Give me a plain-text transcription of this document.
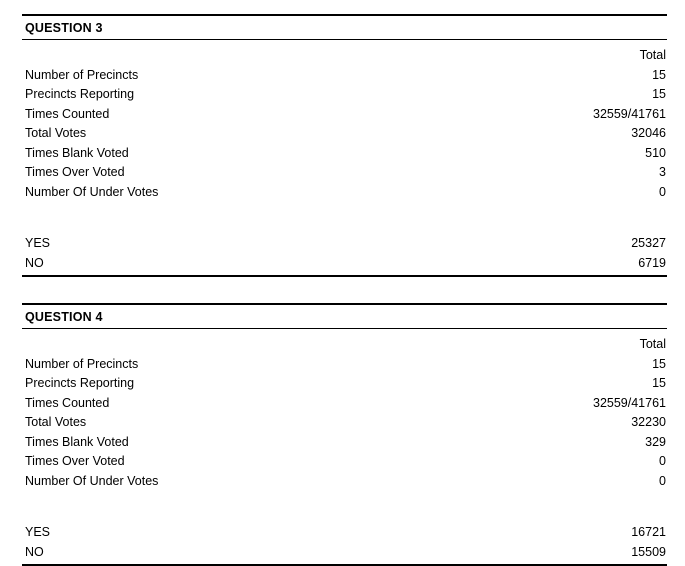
QUESTION 3
Total
Number of Precincts	15
Precincts Reporting	15
Times Counted	32559/41761
Total Votes	32046
Times Blank Voted	510
Times Over Voted	3
Number Of Under Votes	0
YES	25327
NO	6719
QUESTION 4
Total
Number of Precincts	15
Precincts Reporting	15
Times Counted	32559/41761
Total Votes	32230
Times Blank Voted	329
Times Over Voted	0
Number Of Under Votes	0
YES	16721
NO	15509
